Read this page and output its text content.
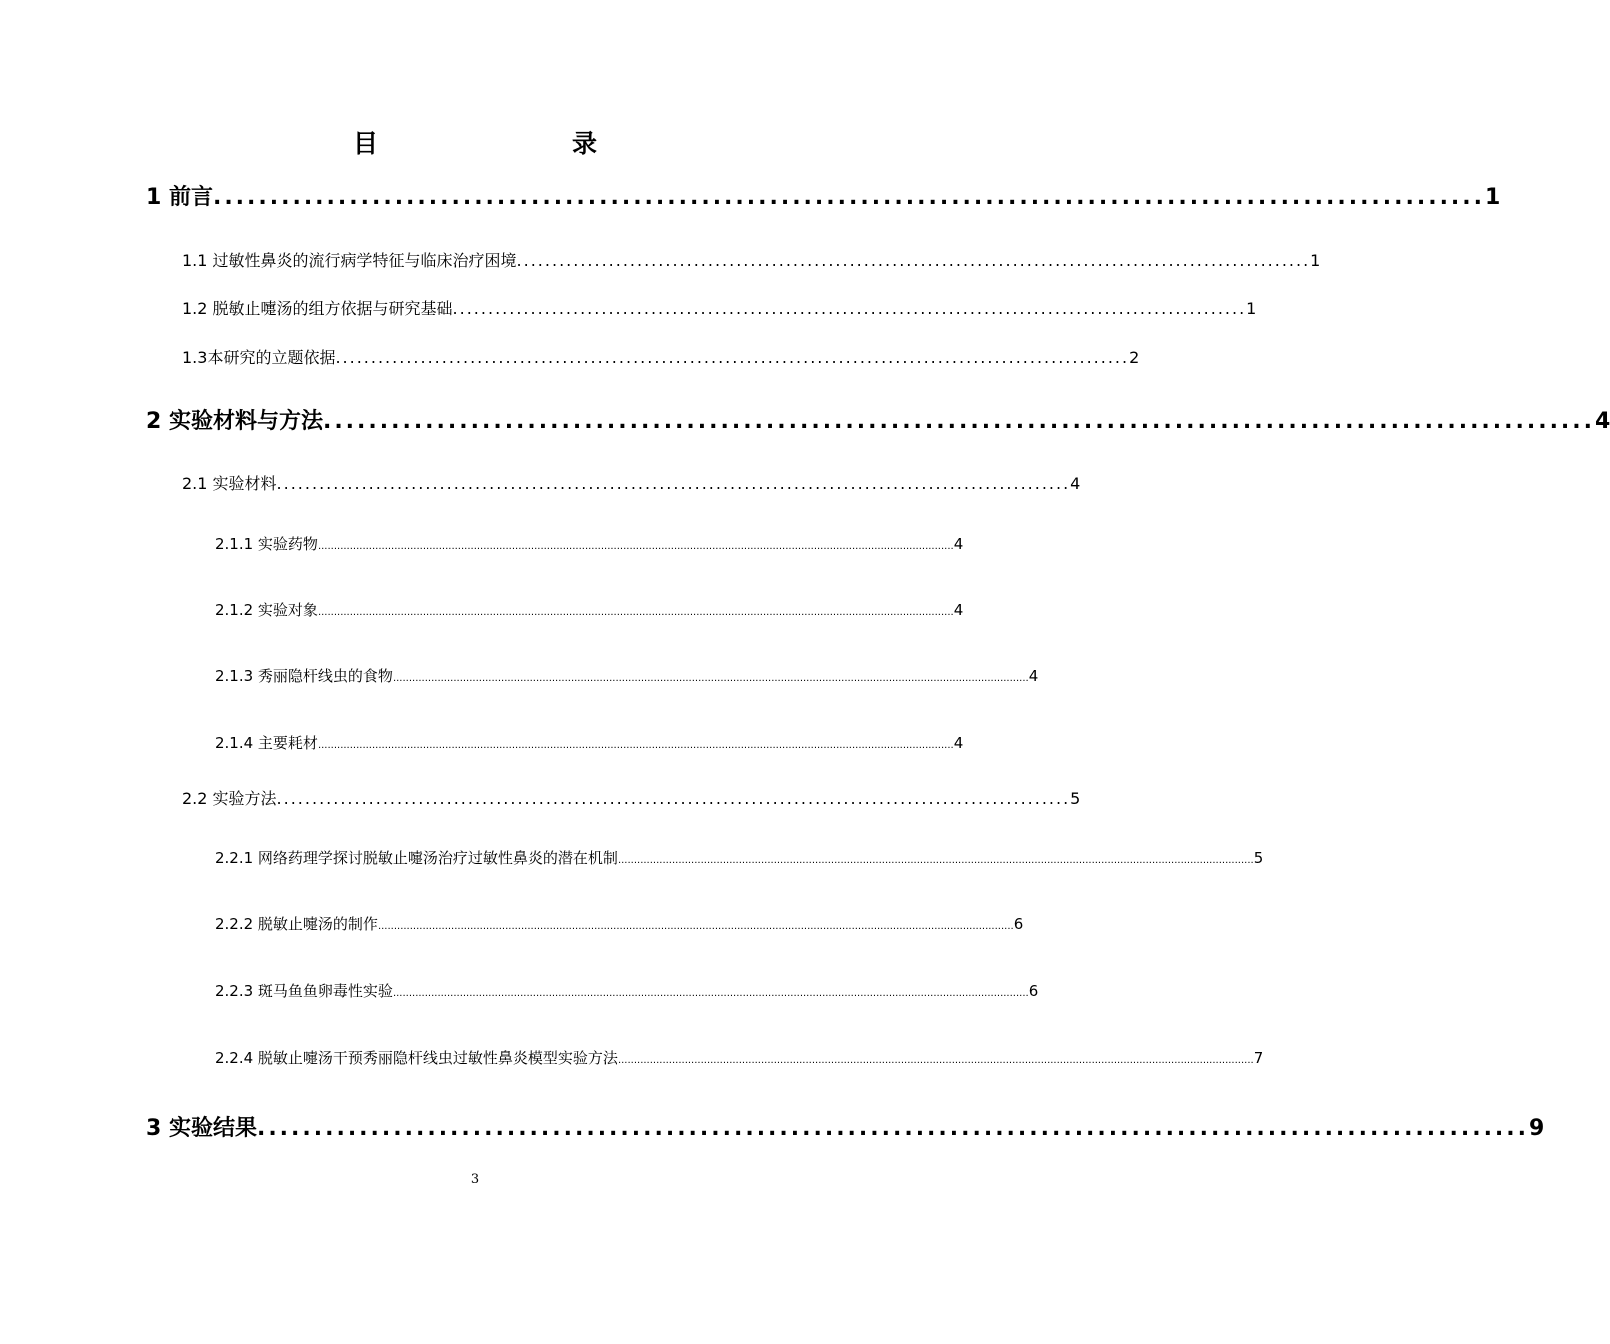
目　　录
1 前言 ................................................................................................................ 1
1.1 过敏性鼻炎的流行病学特征与临床治疗困境 ................................................................................................................ 1
1.2 脱敏止嚏汤的组方依据与研究基础 ................................................................................................................ 1
1.3本研究的立题依据 ................................................................................................................ 2
2 实验材料与方法 ................................................................................................................ 4
2.1 实验材料 ................................................................................................................ 4
2.1.1 实验药物 ........................................................................................................................................................................................................ 4
2.1.2 实验对象 ........................................................................................................................................................................................................ 4
2.1.3 秀丽隐杆线虫的食物 ........................................................................................................................................................................................................ 4
2.1.4 主要耗材 ........................................................................................................................................................................................................ 4
2.2 实验方法 ................................................................................................................ 5
2.2.1 网络药理学探讨脱敏止嚏汤治疗过敏性鼻炎的潜在机制 ........................................................................................................................................................................................................ 5
2.2.2 脱敏止嚏汤的制作 ........................................................................................................................................................................................................ 6
2.2.3 斑马鱼鱼卵毒性实验 ........................................................................................................................................................................................................ 6
2.2.4 脱敏止嚏汤干预秀丽隐杆线虫过敏性鼻炎模型实验方法 ........................................................................................................................................................................................................ 7
3 实验结果 ................................................................................................................ 9
3
